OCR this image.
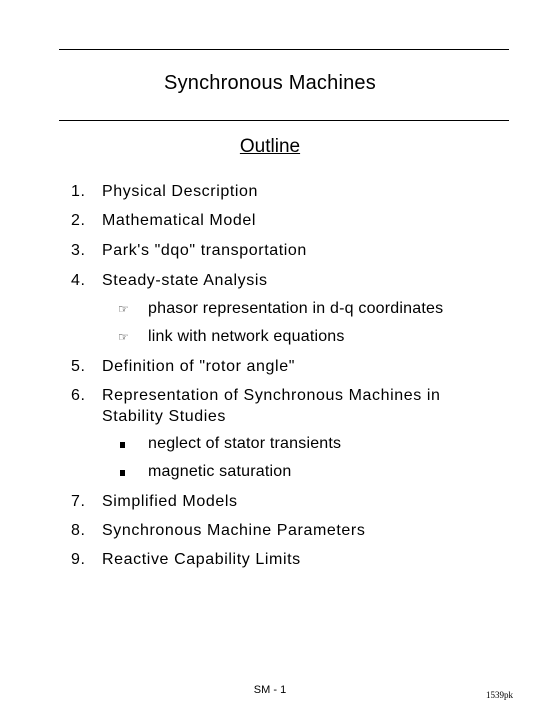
Synchronous Machines
Outline
1.	Physical Description
2.	Mathematical Model
3.	Park's "dqo" transportation
4.	Steady-state Analysis
☞	phasor representation in d-q coordinates
☞	link with network equations
5.	Definition of "rotor angle"
6.	Representation of Synchronous Machines in Stability Studies
neglect of stator transients
magnetic saturation
7.	Simplified Models
8.	Synchronous Machine Parameters
9.	Reactive Capability Limits
SM - 1	1539pk
